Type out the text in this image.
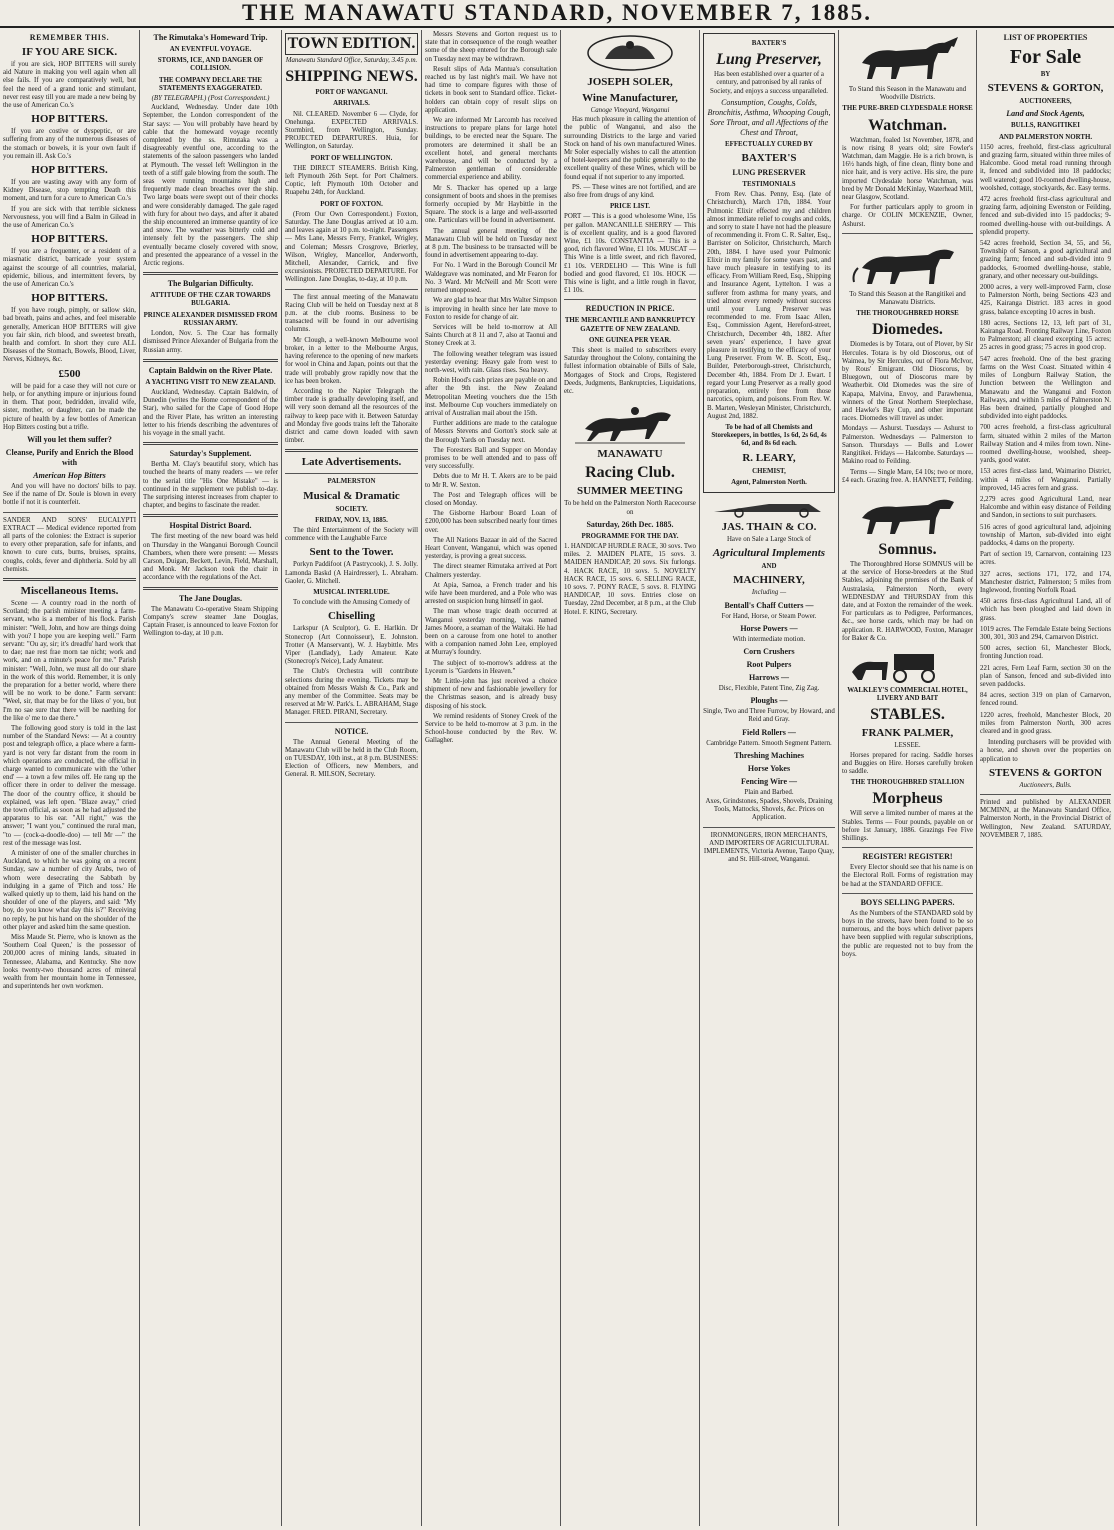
THE MANAWATU STANDARD, NOVEMBER 7, 1885.
REMEMBER THIS.
IF YOU ARE SICK.

if you are sick, HOP BITTERS will surely aid Nature in making you well again when all else fails. If you are comparatively well, but feel the need of a grand tonic and stimulant, never rest easy till you are made a new being by the use of American Co.'s

HOP BITTERS.

If you are costive or dyspeptic, or are suffering from any of the numerous diseases of the stomach or bowels, it is your own fault if you remain ill. Ask Co.'s

HOP BITTERS.

If you are wasting away with any form of Kidney Disease, stop tempting Death this moment, and turn for a cure to American Co.'s

If you are sick with that terrible sickness Nervousness, you will find a Balm in Gilead in the use of American Co.'s

HOP BITTERS.

If you are a frequenter, or a resident of a miasmatic district, barricade your system against the scourge of all countries, malarial, epidemic, bilious, and intermittent fevers, by the use of American Co.'s

HOP BITTERS.

If you have rough, pimply, or sallow skin, bad breath, pains and aches, and feel miserable generally, American HOP BITTERS will give you fair skin, rich blood, and sweetest breath, health and comfort. In short they cure ALL Diseases of the Stomach, Bowels, Blood, Liver, Nerves, Kidneys, &c.

£500

will be paid for a case they will not cure or help, or for anything impure or injurious found in them. That poor, bedridden, invalid wife, sister, mother, or daughter, can be made the picture of health by a few bottles of American Hop Bitters costing but a trifle.

Will you let them suffer?
Cleanse, Purify and Enrich the Blood with
American Hop Bitters

And you will have no doctors' bills to pay. See if the name of Dr. Soule is blown in every bottle if not it is counterfeit.

SANDER AND SONS' EUCALYPTI EXTRACT — Medical evidence reported from all parts of the colonies: the Extract is superior to every other preparation, safe for infants, and known to cure cuts, burns, bruises, sprains, coughs, colds, fever and diphtheria. Sold by all chemists.

Miscellaneous Items.

Scene — A country road in the north of Scotland; the parish minister meeting a farm-servant, who is a member of his flock. Parish minister: "Well, John, and how are things doing with you? I hope you are keeping well." Farm servant: "Ou ay, sir; it's dreadfu' hard work that to dae; nae rest frae morn tae nicht; work and work, and on a minute's peace for me." Parish minister: "Well, John, we must all do our share in the work of this world. Remember, it is only the preparation for a better world, where there will be no work to be done." Farm servant: "Weel, sir, that may be for the likes o' you, but I'm no sae sure that there will be naething for the like o' me to dae there."

The following good story is told in the last number of the Standard News: — At a country post and telegraph office, a place where a farm-yard is not very far distant from the room in which operations are conducted, the official in charge wanted to communicate with the 'other end' — a town a few miles off. He rang up the officer there in order to deliver the message. The door of the country office, it should be explained, was left open. "Blaze away," cried the town official, as soon as he had adjusted the apparatus to his ear. "All right," was the answer; "I want you," continued the rural man, "to — (cock-a-doodle-doo) — tell Mr —" the rest of the message was lost.

A minister of one of the smaller churches in Auckland, to which he was going on a recent Sunday, saw a number of city Arabs, two of whom were desecrating the Sabbath by indulging in a game of 'Pitch and toss.' He walked quietly up to them, laid his hand on the shoulder of one of the players, and said: "My boy, do you know what day this is?" Receiving no reply, he put his hand on the shoulder of the other player and asked him the same question.

Miss Maude St. Pierre, who is known as the 'Southern Coal Queen,' is the possessor of 200,000 acres of mining lands, situated in Tennessee, Alabama, and Kentucky. She now looks twenty-two thousand acres of mineral wealth from her mountain home in Tennessee, and superintends her own workmen.

The Rimutaka's Homeward Trip.
AN EVENTFUL VOYAGE.
STORMS, ICE, AND DANGER OF COLLISION.
THE COMPANY DECLARE THE STATEMENTS EXAGGERATED.
(BY TELEGRAPH.) (Post Correspondent.)

Auckland, Wednesday. Under date 10th September, the London correspondent of the Star says: — You will probably have heard by cable that the homeward voyage recently completed by the ss. Rimutaka was a disagreeably eventful one, according to the statements of the saloon passengers who landed at Plymouth. The vessel left Wellington in the teeth of a stiff gale blowing from the south. The seas were running mountains high and frequently made clean breaches over the ship. Two large boats were swept out of their chocks and were considerably damaged. The gale raged with fury for about two days, and after it abated the ship encountered an immense quantity of ice and snow. The weather was bitterly cold and intensely felt by the passengers. The ship eventually became closely covered with snow, and presented the appearance of a vessel in the Arctic regions.

The Bulgarian Difficulty.
ATTITUDE OF THE CZAR TOWARDS BULGARIA.
PRINCE ALEXANDER DISMISSED FROM RUSSIAN ARMY.

London, Nov. 5. The Czar has formally dismissed Prince Alexander of Bulgaria from the Russian army.

Captain Baldwin on the River Plate.
A YACHTING VISIT TO NEW ZEALAND.

Auckland, Wednesday. Captain Baldwin, of Dunedin (writes the Home correspondent of the Star), who sailed for the Cape of Good Hope and the River Plate, has written an interesting letter to his friends describing the adventures of his voyage in the small yacht.

Saturday's Supplement.

Bertha M. Clay's beautiful story, which has touched the hearts of many readers — we refer to the serial title "His One Mistake" — is continued in the supplement we publish to-day. The surprising interest increases from chapter to chapter, and begins to fascinate the reader.

Hospital District Board.

The first meeting of the new board was held on Thursday in the Wanganui Borough Council Chambers, when there were present: — Messrs Carson, Duigan, Beckett, Levin, Field, Marshall, and Monk. Mr Jackson took the chair in accordance with the regulations of the Act.

The Jane Douglas.

The Manawatu Co-operative Steam Shipping Company's screw steamer Jane Douglas, Captain Fraser, is announced to leave Foxton for Wellington to-day, at 10 p.m.

TOWN EDITION.
Manawatu Standard Office, Saturday, 3.45 p.m.
SHIPPING NEWS.
PORT OF WANGANUI.
ARRIVALS.

Nil. CLEARED. November 6 — Clyde, for Onehunga. EXPECTED ARRIVALS. Stormbird, from Wellington, Sunday. PROJECTED DEPARTURES. Huia, for Wellington, on Saturday.

PORT OF WELLINGTON.

THE DIRECT STEAMERS. British King, left Plymouth 26th Sept. for Port Chalmers. Coptic, left Plymouth 10th October and Ruapehu 24th, for Auckland.

PORT OF FOXTON.

(From Our Own Correspondent.) Foxton, Saturday. The Jane Douglas arrived at 10 a.m. and leaves again at 10 p.m. to-night. Passengers — Mrs Lane, Messrs Ferry, Frankel, Wrigley, and Coleman; Messrs Crosgrove, Brierley, Wilson, Wrigley, Mancellor, Anderworth, Mitchell, Alexander, Carrick, and five excursionists. PROJECTED DEPARTURE. For Wellington. Jane Douglas, to-day, at 10 p.m.

The first annual meeting of the Manawatu Racing Club will be held on Tuesday next at 8 p.m. at the club rooms. Business to be transacted will be found in our advertising columns.

Mr Clough, a well-known Melbourne wool broker, in a letter to the Melbourne Argus, having reference to the opening of new markets for wool in China and Japan, points out that the trade will probably grow rapidly now that the ice has been broken.

According to the Napier Telegraph the timber trade is gradually developing itself, and will very soon demand all the resources of the railway to keep pace with it. Between Saturday and Monday five goods trains left the Tahoraite district and came down loaded with sawn timber.

Late Advertisements.
PALMERSTON
Musical & Dramatic
SOCIETY.
FRIDAY, NOV. 13, 1885.

The third Entertainment of the Society will commence with the Laughable Farce

Sent to the Tower.

Porkyn Paddifoot (A Pastrycook), J. S. Jolly. Lamonda Baskd (A Hairdresser), L. Abraham. Gaoler, G. Mitchell.

MUSICAL INTERLUDE.

To conclude with the Amusing Comedy of

Chiselling

Larkspur (A Sculptor), G. E. Harlkin. Dr Stonecrop (Art Connoisseur), E. Johnston. Trotter (A Manservant), W. J. Haybittle. Mrs Viper (Landlady), Lady Amateur. Kate (Stonecrop's Neice), Lady Amateur.

The Club's Orchestra will contribute selections during the evening. Tickets may be obtained from Messrs Walsh & Co., Park and any member of the Committee. Seats may be reserved at Mr W. Park's. L. ABRAHAM, Stage Manager. FRED. PIRANI, Secretary.

NOTICE.

The Annual General Meeting of the Manawatu Club will be held in the Club Room, on TUESDAY, 10th inst., at 8 p.m. BUSINESS: Election of Officers, new Members, and General. R. MILSON, Secretary.

Messrs Stevens and Gorton request us to state that in consequence of the rough weather some of the sheep entered for the Borough sale on Tuesday next may be withdrawn.

Result slips of Ada Mantua's consultation reached us by last night's mail. We have not had time to compare figures with those of tickets in book sent to Standard office. Ticket-holders can obtain copy of result slips on application.

We are informed Mr Larcomb has received instructions to prepare plans for large hotel buildings, to be erected near the Square. The promoters are determined it shall be an excellent hotel, and general merchants warehouse, and will be conducted by a Palmerston gentleman of considerable commercial experience and ability.

Mr S. Thacker has opened up a large consignment of boots and shoes in the premises formerly occupied by Mr Haybittle in the Square. The stock is a large and well-assorted one. Particulars will be found in advertisement.

The annual general meeting of the Manawatu Club will be held on Tuesday next at 8 p.m. The business to be transacted will be found in advertisement appearing to-day.

For No. 1 Ward in the Borough Council Mr Waldegrave was nominated, and Mr Fearon for No. 3 Ward. Mr McNeill and Mr Scott were returned unopposed.

We are glad to hear that Mrs Walter Simpson is improving in health since her late move to Foxton to reside for change of air.

Services will be held to-morrow at All Saints Church at 8 11 and 7, also at Taonui and Stoney Creek at 3.

The following weather telegram was issued yesterday evening: Heavy gale from west to north-west, with rain. Glass rises. Sea heavy.

Robin Hood's cash prizes are payable on and after the 9th inst. the New Zealand Metropolitan Meeting vouchers due the 15th inst. Melbourne Cup vouchers immediately on arrival of Australian mail about the 15th.

Further additions are made to the catalogue of Messrs Stevens and Gorton's stock sale at the Borough Yards on Tuesday next.

The Foresters Ball and Supper on Monday promises to be well attended and to pass off very successfully.

Debts due to Mr H. T. Akers are to be paid to Mr R. W. Sexton.

The Post and Telegraph offices will be closed on Monday.

The Gisborne Harbour Board Loan of £200,000 has been subscribed nearly four times over.

The All Nations Bazaar in aid of the Sacred Heart Convent, Wanganui, which was opened yesterday, is proving a great success.

The direct steamer Rimutaka arrived at Port Chalmers yesterday.

At Apia, Samoa, a French trader and his wife have been murdered, and a Pole who was arrested on suspicion hung himself in gaol.

The man whose tragic death occurred at Wanganui yesterday morning, was named James Moore, a seaman of the Waitaki. He had been on a carouse from one hotel to another with a companion named John Lee, employed at Murray's foundry.

The subject of to-morrow's address at the Lyceum is "Gardens in Heaven."

Mr Little-john has just received a choice shipment of new and fashionable jewellery for the Christmas season, and is already busy disposing of his stock.

We remind residents of Stoney Creek of the Service to be held to-morrow at 3 p.m. in the School-house conducted by the Rev. W. Gallagher.

JOSEPH SOLER,
Wine Manufacturer,
Canoge Vineyard, Wanganui

Has much pleasure in calling the attention of the public of Wanganui, and also the surrounding Districts to the large and varied Stock on hand of his own manufactured Wines. Mr Soler especially wishes to call the attention of hotel-keepers and the public generally to the excellent quality of these Wines, which will be found equal if not superior to any imported.

PS. — These wines are not fortified, and are also free from drugs of any kind.

PRICE LIST.

PORT — This is a good wholesome Wine, 15s per gallon. MANCANILLE SHERRY — This is of excellent quality, and is a good flavored Wine, £1 10s. CONSTANTIA — This is a good, rich flavored Wine, £1 10s. MUSCAT — This Wine is a little sweet, and rich flavored, £1 10s. VERDELHO — This Wine is full bodied and good flavored, £1 10s. HOCK — This wine is light, and a little rough in flavor, £1 10s.

REDUCTION IN PRICE.
THE MERCANTILE AND BANKRUPTCY GAZETTE OF NEW ZEALAND.
ONE GUINEA PER YEAR.

This sheet is mailed to subscribers every Saturday throughout the Colony, containing the fullest information obtainable of Bills of Sale, Mortgages of Stock and Crops, Registered Deeds, Judgments, Bankruptcies, Liquidations, etc.

MANAWATU
Racing Club.
SUMMER MEETING

To be held on the Palmerston North Racecourse on

Saturday, 26th Dec. 1885.
PROGRAMME FOR THE DAY.

1. HANDICAP HURDLE RACE, 30 sovs. Two miles. 2. MAIDEN PLATE, 15 sovs. 3. MAIDEN HANDICAP, 20 sovs. Six furlongs. 4. HACK RACE, 10 sovs. 5. NOVELTY HACK RACE, 15 sovs. 6. SELLING RACE, 10 sovs. 7. PONY RACE, 5 sovs. 8. FLYING HANDICAP, 10 sovs. Entries close on Tuesday, 22nd December, at 8 p.m., at the Club Hotel. F. KING, Secretary.

BAXTER'S
Lung Preserver,

Has been established over a quarter of a century, and patronised by all ranks of Society, and enjoys a success unparalleled.

Consumption, Coughs, Colds, Bronchitis, Asthma, Whooping Cough, Sore Throat, and all Affections of the Chest and Throat,

EFFECTUALLY CURED BY
BAXTER'S
LUNG PRESERVER
TESTIMONIALS

From Rev. Chas. Penny, Esq. (late of Christchurch), March 17th, 1884. Your Pulmonic Elixir effected my and children almost immediate relief to coughs and colds, and sorry to state I have not had the pleasure of recommending it. From C. R. Salter, Esq., Barrister on Solicitor, Christchurch, March 20th, 1884. I have used your Pulmonic Elixir in my family for some years past, and have much pleasure in testifying to its efficacy. From William Reed, Esq., Shipping and Insurance Agent, Lyttelton. I was a sufferer from asthma for many years, and tried almost every remedy without success until your Lung Preserver was recommended to me. From Isaac Allen, Esq., Commission Agent, Hereford-street, Christchurch, December 4th, 1882. After seven years' experience, I have great pleasure in testifying to the efficacy of your Lung Preserver. From W. B. Scott, Esq., Builder, Peterborough-street, Christchurch, December 4th, 1884. From Dr J. Ewart. I regard your Lung Preserver as a really good preparation, entirely free from those narcotics, opium, and poisons. From Rev. W. B. Marten, Wesleyan Minister, Christchurch, August 2nd, 1882.

To be had of all Chemists and Storekeepers, in bottles, 1s 6d, 2s 6d, 4s 6d, and 8s 6d each.
R. LEARY,
CHEMIST,
Agent, Palmerston North.
JAS. THAIN & CO.
Have on Sale a Large Stock of
Agricultural Implements
AND
MACHINERY,
Including —
Bentall's Chaff Cutters —
For Hand, Horse, or Steam Power.
Horse Powers —
With intermediate motion.
Corn Crushers
Root Pulpers
Harrows —
Disc, Flexible, Patent Tine, Zig Zag.
Ploughs —
Single, Two and Three Furrow, by Howard, and Reid and Gray.
Field Rollers —
Cambridge Pattern. Smooth Segment Pattern.
Threshing Machines
Horse Yokes
Fencing Wire —
Plain and Barbed.

Axes, Grindstones, Spades, Shovels, Draining Tools, Mattocks, Shovels, &c. Prices on Application.

IRONMONGERS, IRON MERCHANTS, AND IMPORTERS OF AGRICULTURAL IMPLEMENTS, Victoria Avenue, Taupo Quay, and St. Hill-street, Wanganui.

To Stand this Season in the Manawatu and Woodville Districts.
THE PURE-BRED CLYDESDALE HORSE
Watchman.

Watchman, foaled 1st November, 1878, and is now rising 8 years old; sire Fowler's Watchman, dam Maggie. He is a rich brown, is 16½ hands high, of fine clean, flinty bone and nice hair, and is very active. His sire, the pure imported Clydesdale horse Watchman, was bred by Mr Donald McKinlay, Waterhead Mill, near Glasgow, Scotland.

For further particulars apply to groom in charge. Or COLIN MCKENZIE, Owner, Ashurst.

To Stand this Season at the Rangitikei and Manawatu Districts.
THE THOROUGHBRED HORSE
Diomedes.

Diomedes is by Totara, out of Plover, by Sir Hercules. Totara is by old Dioscorus, out of Waimea, by Sir Hercules, out of Flora McIvor, by Rous' Emigrant. Old Dioscorus, by Bluegown, out of Dioscorus mare by Weatherbit. Old Diomedes was the sire of Kapapa, Malvina, Envoy, and Parawhenua, winners of the Great Northern Steeplechase, and Hawke's Bay Cup, and other important races. Diomedes will travel as under.

Mondays — Ashurst. Tuesdays — Ashurst to Palmerston. Wednesdays — Palmerston to Sanson. Thursdays — Bulls and Lower Rangitikei. Fridays — Halcombe. Saturdays — Makino road to Feilding.

Terms — Single Mare, £4 10s; two or more, £4 each. Grazing free. A. HANNETT, Feilding.

Somnus.

The Thoroughbred Horse SOMNUS will be at the service of Horse-breeders at the Stud Stables, adjoining the premises of the Bank of Australasia, Palmerston North, every WEDNESDAY and THURSDAY from this date, and at Foxton the remainder of the week. For particulars as to Pedigree, Performances, &c., see horse cards, which may be had on application. R. HARWOOD, Foxton, Manager for Baker & Co.

WALKLEY'S COMMERCIAL HOTEL, LIVERY AND BAIT
STABLES.
FRANK PALMER,
LESSEE.

Horses prepared for racing. Saddle horses and Buggies on Hire. Horses carefully broken to saddle.

THE THOROUGHBRED STALLION
Morpheus

Will serve a limited number of mares at the Stables. Terms — Four pounds, payable on or before 1st January, 1886. Grazings Fee Five Shillings.

REGISTER! REGISTER!

Every Elector should see that his name is on the Electoral Roll. Forms of registration may be had at the STANDARD OFFICE.

BOYS SELLING PAPERS.

As the Numbers of the STANDARD sold by boys in the streets, have been found to be so numerous, and the boys which deliver papers have been supplied with regular subscriptions, the public are requested not to buy from the boys.

LIST OF PROPERTIES
For Sale
BY
STEVENS & GORTON,
AUCTIONEERS,
Land and Stock Agents,
BULLS, RANGITIKEI
AND PALMERSTON NORTH.

1150 acres, freehold, first-class agricultural and grazing farm, situated within three miles of Halcombe. Good metal road running through it, fenced and subdivided into 18 paddocks; well watered; good 10-roomed dwelling-house, woolshed, cottage, stockyards, &c. Easy terms.

472 acres freehold first-class agricultural and grazing farm, adjoining Ewenston or Feilding, fenced and sub-divided into 15 paddocks; 9-roomed dwelling-house with out-buildings. A splendid property.

542 acres freehold, Section 34, 55, and 56, Township of Sanson, a good agricultural and grazing farm; fenced and sub-divided into 9 paddocks, 6-roomed dwelling-house, stable, granary, and other necessary out-buildings.

2000 acres, a very well-improved Farm, close to Palmerston North, being Sections 423 and 425, Kairanga District. 183 acres in good grass, balance excepting 10 acres in bush.

180 acres, Sections 12, 13, left part of 31, Kairanga Road. Fronting Railway Line, Foxton to Palmerston; all cleared excepting 15 acres; 25 acres in good grass; 75 acres in good crop.

547 acres freehold. One of the best grazing farms on the West Coast. Situated within 4 miles of Longburn Railway Station, the Junction between the Wellington and Manawatu and the Wanganui and Foxton Railways, and within 5 miles of Palmerston N. Has been drained, partially ploughed and subdivided into eight paddocks.

700 acres freehold, a first-class agricultural farm, situated within 2 miles of the Marton Railway Station and 4 miles from town. Nine-roomed dwelling-house, woolshed, sheep-yards, good water.

153 acres first-class land, Waimarino District, within 4 miles of Wanganui. Partially improved, 145 acres fern and grass.

2,279 acres good Agricultural Land, near Halcombe and within easy distance of Feilding and Sandon, in sections to suit purchasers.

516 acres of good agricultural land, adjoining township of Marton, sub-divided into eight paddocks, 4 dams on the property.

Part of section 19, Carnarvon, containing 123 acres.

327 acres, sections 171, 172, and 174, Manchester district, Palmerston; 5 miles from Inglewood, fronting Norfolk Road.

450 acres first-class Agricultural Land, all of which has been ploughed and laid down in grass.

1019 acres. The Ferndale Estate being Sections 300, 301, 303 and 294, Carnarvon District.

500 acres, section 61, Manchester Block, fronting Junction road.

221 acres, Fern Leaf Farm, section 30 on the plan of Sanson, fenced and sub-divided into seven paddocks.

84 acres, section 319 on plan of Carnarvon, fenced round.

1220 acres, freehold, Manchester Block, 20 miles from Palmerston North, 300 acres cleared and in good grass.

Intending purchasers will be provided with a horse, and shown over the properties on application to

STEVENS & GORTON
Auctioneers, Bulls.

Printed and published by ALEXANDER MCMINN, at the Manawatu Standard Office, Palmerston North, in the Provincial District of Wellington, New Zealand. SATURDAY, NOVEMBER 7, 1885.
